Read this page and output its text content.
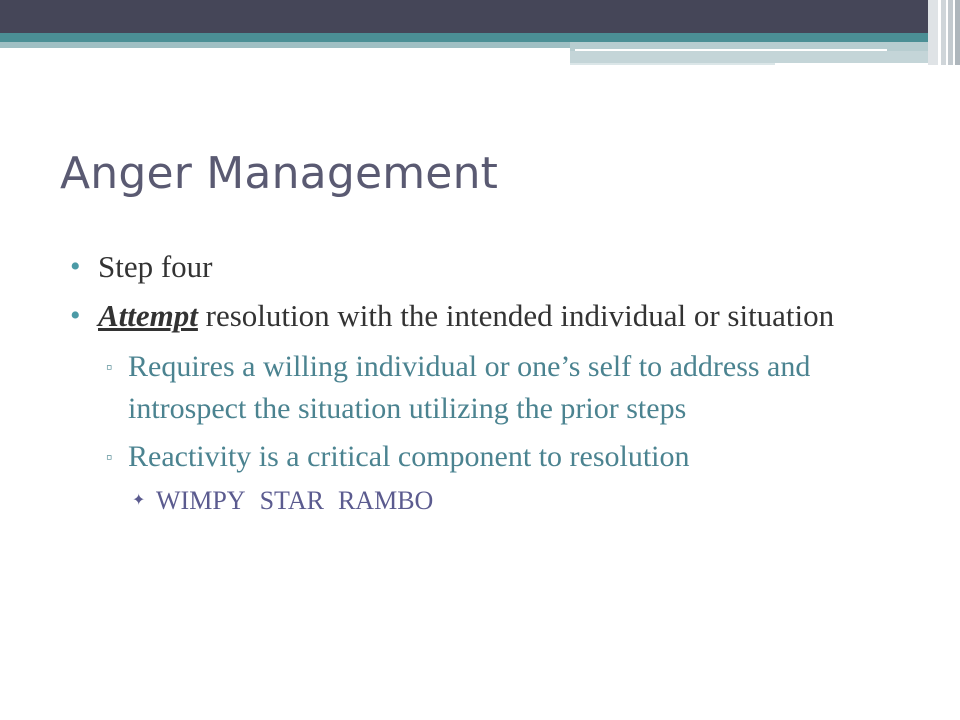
Anger Management
• Step four
• Attempt resolution with the intended individual or situation
▫ Requires a willing individual or one’s self to address and introspect the situation utilizing the prior steps
▫ Reactivity is a critical component to resolution
✦ WIMPY STAR RAMBO
